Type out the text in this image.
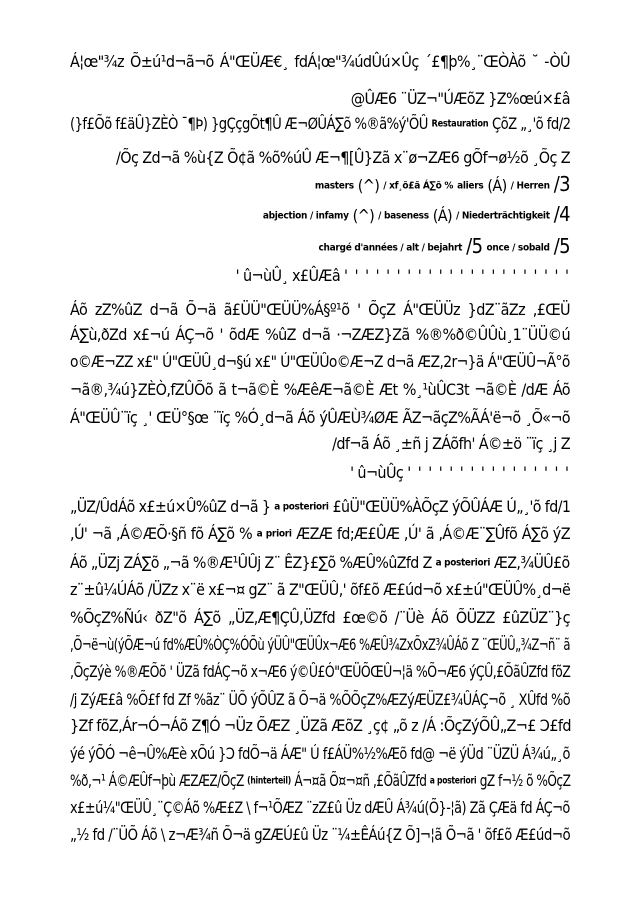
Á¦œ"¾z Õ±ú¹d¬ã¬õ Á"ŒÜÆ€¸ fdÁ¦œ"¾údÛú×Ûç ´£¶þ%¸¨ŒÒÀõ ˘ -ÒÛ
@ÛÆ6 ¨ÜZ¬"ÚÆõZ }Z%œú×£â
(}f£Õõ f£äÛ}ZÈÒ ¯¶Þ) }gÇçgÕt¶Û Æ¬ØÛÁ∑õ %®ã%ý'ÕÛ Restauration ÇõZ „¸'õ fd/2
/Õç Zd¬ã %ù{Z Õ¢ã %õ%úÛ Æ¬¶[Û}Zã x¨ø¬ZÆ6 gÕf¬ø½õ ¸Õç Z
masters (^) / xf¸õ£ã Á∑õ % aliers (Á) / Herren /3
abjection / infamy (^) / baseness (Á) / Niederträchtigkeit /4
chargé d'années / alt / bejahrt /5 once / sobald /5
' û¬ùÛ¸ x£ÛÆâ ' ' ' ' ' ' ' ' ' ' ' ' ' ' ' ' ' ' ' ' ' '
Áõ zZ%ûZ d¬ã Õ¬ä ã£ÜÜ"ŒÜÜ%Á§º¹õ ' ÕçZ Á"ŒÜÜz }dZ¨ãZz ,£ŒÜ
Á∑ù,ðZd x£¬ú ÁÇ¬õ ' õdÆ %ûZ d¬ã ·¬ZÆZ}Zã %®%ð©ÛÛù¸1¨ÜÜ©ú
o©Æ¬ZZ x£" Ú"ŒÜÛ¸d¬§ú x£" Ú"ŒÜÛo©Æ¬Z d¬ã ÆZ,2r¬}ä Á"ŒÜÛ¬Ã°õ
¬ã®,¾ú}ZÈÒ,fZÛÕõ ã t¬ã©È %ÆêÆ¬ã©È Æt %¸¹ùÛC3t ¬ã©È /dÆ Áõ
Á"ŒÜÛ¨ïç ¸' ŒÜ°§œ ¨ïç %Ó¸d¬ã Áõ ýÛÆÙ¾ØÆ ÃZ¬ãçZ%ÃÁ'ë¬õ ¸Õ«¬õ
/df¬ã Áõ ¸±ñ j ZÁõfh' Á©±ö ¨ïç ¸j Z
' û¬ùÛç ' ' ' ' ' ' ' ' ' ' ' ' ' ' ' '
„ÜZ/ÛdÁõ x£±ú×Û%ûZ d¬ã } a posteriori £ûÜ"ŒÜÜ%ÀÕçZ ýÕÛÁÆ Ú„¸'õ fd/1
,Ú' ¬ã ,Á©ÆÕ·§ñ fõ Á∑õ % a priori ÆZÆ fd;Æ£ÛÆ ,Ú' ã ,Á©Æ¨∑Ûfõ Á∑õ ýZ
Áõ „ÜZj ZÁ∑õ „¬ã %®Æ¹ÛÛj Z¨ ÊZ}£∑õ %ÆÛ%ûZfd Z a posteriori ÆZ,¾ÜÛ£õ
z¨±û¼ÚÁõ /ÜZz x¨ë x£¬¤ gZ¨ ã Z"ŒÜÛ,' õf£õ Æ£úd¬õ x£±ú"ŒÜÛ%¸d¬ë
%ÕçZ%Ñú‹ ðZ"õ Á∑õ „ÜZ,Æ¶ÇÛ,ÜZfd £œ©õ /¨Üè Áõ ÕÜZZ £ûZÜZ¨}ç
,Õ¬ë¬ù(ýÕÆ¬ú fd%ÆÛ%ÒÇ%ÓÕù ýÜÛ"ŒÜÛx¬Æ6 %ÆÛ¾ZxÕxZ¾ÛÁõ Z ¨ŒÜÛ„¾Z¬ñ¨ ã
,ÕçZýè %®ÆÕõ ' ÜZã fdÁÇ¬õ x¬Æ6 ý©Û£Ó"ŒÜÕŒÛ¬¦ä %Õ¬Æ6 ýÇÛ,£ÕãÛZfd fõZ
/j ZýÆ£â %Õ£f fd Zf %ãz¨ ÜÕ ýÕÛZ ã Õ¬ä %ÕÕçZ%ÆZýÆÜZ£¾ÛÁÇ¬õ ¸ XÛfd %õ
}Zf fõZ,Ár¬Ó¬Áõ Z¶Ó ¬Üz ÕÆZ ¸ÜZã ÆõZ ¸ç¢ „õ z /Á :ÕçZýÕÛ„Z¬£ Ɔ£fd
ýé ýÕÓ ¬ê¬Û%Æè xÕú }Ɔ fdÕ¬ä ÁÆ" Ú f£ÁÜ%½%Æõ fd@ ¬ë ýÜd ¨ÜZÜ Á¾ú„¸õ
%ð,¬¹ Á©ÆÛf¬þù ÆZÆZ/ÕçZ (hinterteil) Á¬¤ã Õ¤¬¤ñ ,£ÕãÛZfd a posteriori gZ f¬½ õ %ÕçZ
x£±ú¼"ŒÜÛ¸¨Ç©Áõ %Æ£Z \ f¬¹ÕÆZ ¨zZ£û Üz dÆÛ Á¾ú(Õ}-¦ã) Zã ÇÆä fd ÁÇ¬õ
„½ fd /¨ÜÕ Áõ \ z¬Æ¾ñ Õ¬ä gZÆÚ£û Üz ¨¼±ÊÁú{Z Õ]¬¦ã Õ¬ã ' õf£õ Æ£úd¬õ
